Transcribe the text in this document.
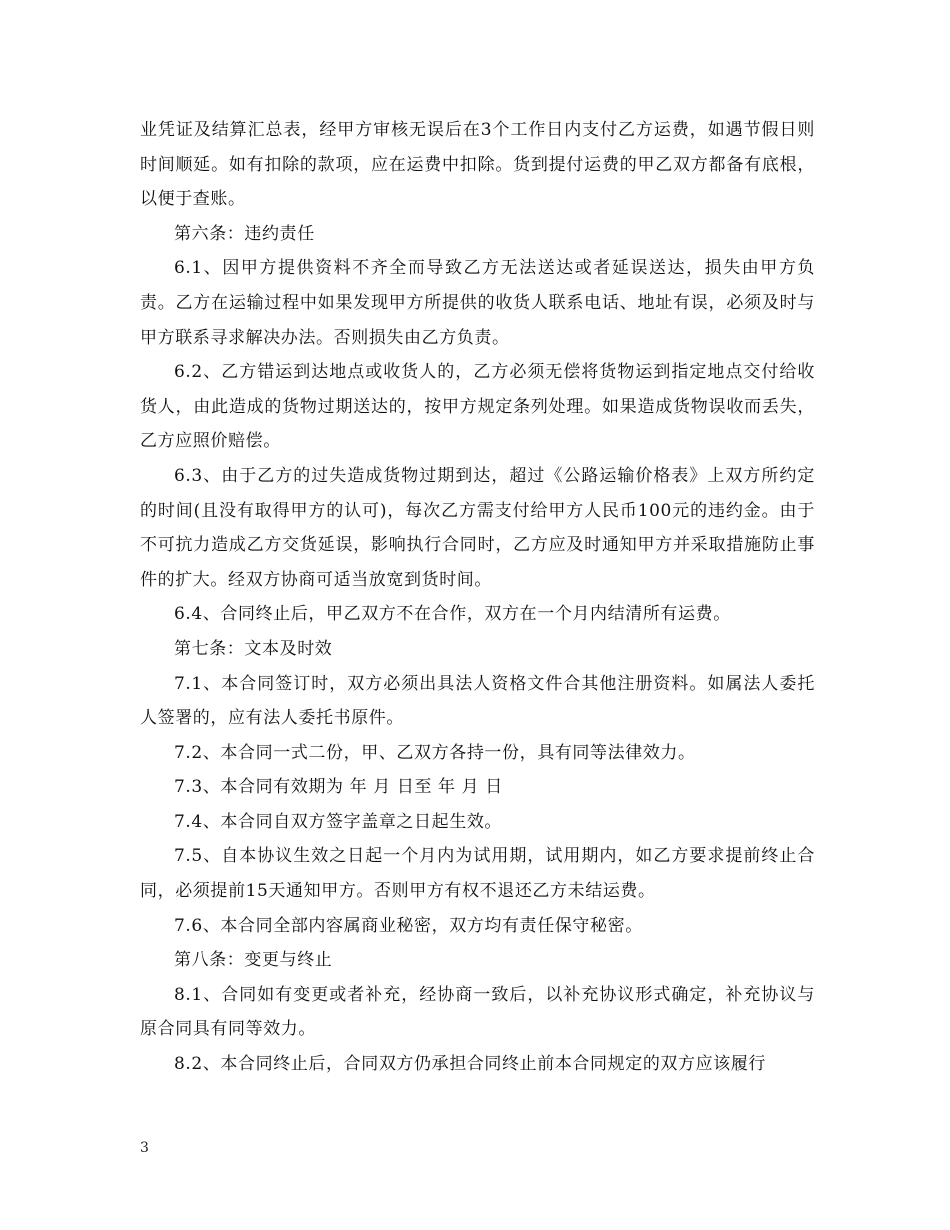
业凭证及结算汇总表，经甲方审核无误后在3个工作日内支付乙方运费，如遇节假日则时间顺延。如有扣除的款项，应在运费中扣除。货到提付运费的甲乙双方都备有底根，以便于查账。

第六条：违约责任

6.1、因甲方提供资料不齐全而导致乙方无法送达或者延误送达，损失由甲方负责。乙方在运输过程中如果发现甲方所提供的收货人联系电话、地址有误，必须及时与甲方联系寻求解决办法。否则损失由乙方负责。

6.2、乙方错运到达地点或收货人的，乙方必须无偿将货物运到指定地点交付给收货人，由此造成的货物过期送达的，按甲方规定条列处理。如果造成货物误收而丢失，乙方应照价赔偿。

6.3、由于乙方的过失造成货物过期到达，超过《公路运输价格表》上双方所约定的时间(且没有取得甲方的认可)，每次乙方需支付给甲方人民币100元的违约金。由于不可抗力造成乙方交货延误，影响执行合同时，乙方应及时通知甲方并采取措施防止事件的扩大。经双方协商可适当放宽到货时间。

6.4、合同终止后，甲乙双方不在合作，双方在一个月内结清所有运费。

第七条：文本及时效

7.1、本合同签订时，双方必须出具法人资格文件合其他注册资料。如属法人委托人签署的，应有法人委托书原件。

7.2、本合同一式二份，甲、乙双方各持一份，具有同等法律效力。

7.3、本合同有效期为 年 月 日至 年 月 日

7.4、本合同自双方签字盖章之日起生效。

7.5、自本协议生效之日起一个月内为试用期，试用期内，如乙方要求提前终止合同，必须提前15天通知甲方。否则甲方有权不退还乙方未结运费。

7.6、本合同全部内容属商业秘密，双方均有责任保守秘密。

第八条：变更与终止

8.1、合同如有变更或者补充，经协商一致后，以补充协议形式确定，补充协议与原合同具有同等效力。

8.2、本合同终止后，合同双方仍承担合同终止前本合同规定的双方应该履行

3
